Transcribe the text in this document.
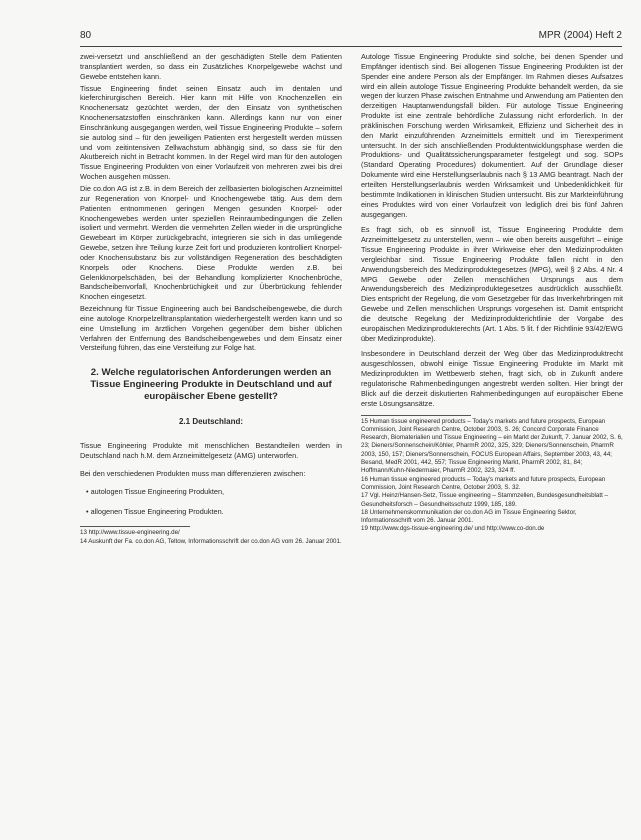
80	MPR (2004) Heft 2

zwei-versetzt und anschließend an der geschädigten Stelle dem Patienten transplantiert werden, so dass ein Zusätzliches Knorpelgewebe wächst und Gewebe entstehen kann.

Tissue Engineering findet seinen Einsatz auch im dentalen und kieferchirurgischen Bereich. Hier kann mit Hilfe von Knochenzellen ein Knochenersatz gezüchtet werden, der den Einsatz von synthetischen Knochenersatzstoffen einschränken kann. Allerdings kann nur von einer Einschränkung ausgegangen werden, weil Tissue Engineering Produkte – sofern sie autolog sind – für den jeweiligen Patienten erst hergestellt werden müssen und vom zeitintensiven Zellwachstum abhängig sind, so dass sie für den Akutbereich nicht in Betracht kommen. In der Regel wird man für den autologen Tissue Engineering Produkten von einer Vorlaufzeit von mehreren zwei bis drei Wochen ausgehen müssen.

Die co.don AG ist z.B. in dem Bereich der zellbasierten biologischen Arzneimittel zur Regeneration von Knorpel- und Knochengewebe tätig. Aus dem dem Patienten entnommenen geringen Mengen gesunden Knorpel- oder Knochengewebes werden unter speziellen Reinraumbedingungen die Zellen isoliert und vermehrt. Werden die vermehrten Zellen wieder in die ursprüngliche Gewebeart im Körper zurückgebracht, integrieren sie sich in das umliegende Gewebe, setzen ihre Teilung kurze Zeit fort und produzieren kontrolliert Knorpel- oder Knochensubstanz bis zur vollständigen Regeneration des beschädigten Knorpels oder Knochens. Diese Produkte werden z.B. bei Gelenkknorpelschäden, bei der Behandlung komplizierter Knochenbrüche, Bandscheibenvorfall, Knochenbrüchigkeit und zur Überbrückung fehlender Knochen eingesetzt.

Bezeichnung für Tissue Engineering auch bei Bandscheibengewebe, die durch eine autologe Knorpelzelltransplantation wiederhergestellt werden kann und so eine Umstellung im ärztlichen Vorgehen gegenüber dem bisher üblichen Verfahren der Entfernung des Bandscheibengewebes und dem Einsatz einer Versteifung führen, das eine Versteifung zur Folge hat.

2. Welche regulatorischen Anforderungen werden an Tissue Engineering Produkte in Deutschland und auf europäischer Ebene gestellt?
2.1 Deutschland:

Tissue Engineering Produkte mit menschlichen Bestandteilen werden in Deutschland nach h.M. dem Arzneimittelgesetz (AMG) unterworfen.

Bei den verschiedenen Produkten muss man differenzieren zwischen:

• autologen Tissue Engineering Produkten,
• allogenen Tissue Engineering Produkten.
13 http://www.tissue-engineering.de/
14 Auskunft der Fa. co.don AG, Teltow, Informationsschrift der co.don AG vom 26. Januar 2001.

Autologe Tissue Engineering Produkte sind solche, bei denen Spender und Empfänger identisch sind. Bei allogenen Tissue Engineering Produkten ist der Spender eine andere Person als der Empfänger. Im Rahmen dieses Aufsatzes wird ein allein autologe Tissue Engineering Produkte behandelt werden, da sie wegen der kurzen Phase zwischen Entnahme und Anwendung am Patienten den derzeitigen Hauptanwendungsfall bilden. Für autologe Tissue Engineering Produkte ist eine zentrale behördliche Zulassung nicht erforderlich. In der präklinischen Forschung werden Wirksamkeit, Effizienz und Sicherheit des in den Markt einzuführenden Arzneimittels ermittelt und im Tierexperiment untersucht. In der sich anschließenden Produktentwicklungsphase werden die Produktions- und Qualitätssicherungsparameter festgelegt und sog. SOPs (Standard Operating Procedures) dokumentiert. Auf der Grundlage dieser Dokumente wird eine Herstellungserlaubnis nach § 13 AMG beantragt. Nach der erteilten Herstellungserlaubnis werden Wirksamkeit und Unbedenklichkeit für bestimmte Indikationen in klinischen Studien untersucht. Bis zur Markteinführung eines Produktes wird von einer Vorlaufzeit von lediglich drei bis fünf Jahren ausgegangen.

Es fragt sich, ob es sinnvoll ist, Tissue Engineering Produkte dem Arzneimittelgesetz zu unterstellen, wenn – wie oben bereits ausgeführt – einige Tissue Engineering Produkte in ihrer Wirkweise eher den Medizinprodukten vergleichbar sind. Tissue Engineering Produkte fallen nicht in den Anwendungsbereich des Medizinproduktegesetzes (MPG), weil § 2 Abs. 4 Nr. 4 MPG Gewebe oder Zellen menschlichen Ursprungs aus dem Anwendungsbereich des Medizinproduktegesetzes ausdrücklich ausschließt. Dies entspricht der Regelung, die vom Gesetzgeber für das Inverkehrbringen mit Gewebe und Zellen menschlichen Ursprungs vorgesehen ist. Damit entspricht die deutsche Regelung der Medizinprodukterichtlinie der Vorgabe des europäischen Medizinprodukterechts (Art. 1 Abs. 5 lit. f der Richtlinie 93/42/EWG über Medizinprodukte).

Insbesondere in Deutschland derzeit der Weg über das Medizinproduktrecht ausgeschlossen, obwohl einige Tissue Engineering Produkte im Markt mit Medizinprodukten im Wettbewerb stehen, fragt sich, ob in Zukunft andere regulatorische Rahmenbedingungen angestrebt werden sollten. Hier bringt der Blick auf die derzeit diskutierten Rahmenbedingungen auf europäischer Ebene erste Lösungsansätze.

15 Human tissue engineered products – Today's markets and future prospects, European Commission, Joint Research Centre, October 2003, S. 26; Concord Corporate Finance Research, Biomaterialien und Tissue Engineering – ein Markt der Zukunft, 7. Januar 2002, S. 6, 23; Dieners/Sonnenschein/Köhler, PharmR 2002, 325, 329; Dieners/Sonnenschein, PharmR 2003, 150, 157; Dieners/Sonnenschein, FOCUS European Affairs, September 2003, 43, 44; Besand, MedR 2001, 442, 557; Tissue Engineering Markt, PharmR 2002, 81, 84; Hoffmann/Kuhn-Niedermaier, PharmR 2002, 323, 324 ff.
16 Human tissue engineered products – Today's markets and future prospects, European Commission, Joint Research Centre, October 2003, S. 32.
17 Vgl. Heinz/Hansen-Setz, Tissue engineering – Stammzellen, Bundesgesundheitsblatt – Gesundheitsforsch – Gesundheitsschutz 1999, 185, 189.
18 Unternehmenskommunikation der co.don AG im Tissue Engineering Sektor, Informationsschrift vom 26. Januar 2001.
19 http://www.dgs-tissue-engineering.de/ und http://www.co-don.de
